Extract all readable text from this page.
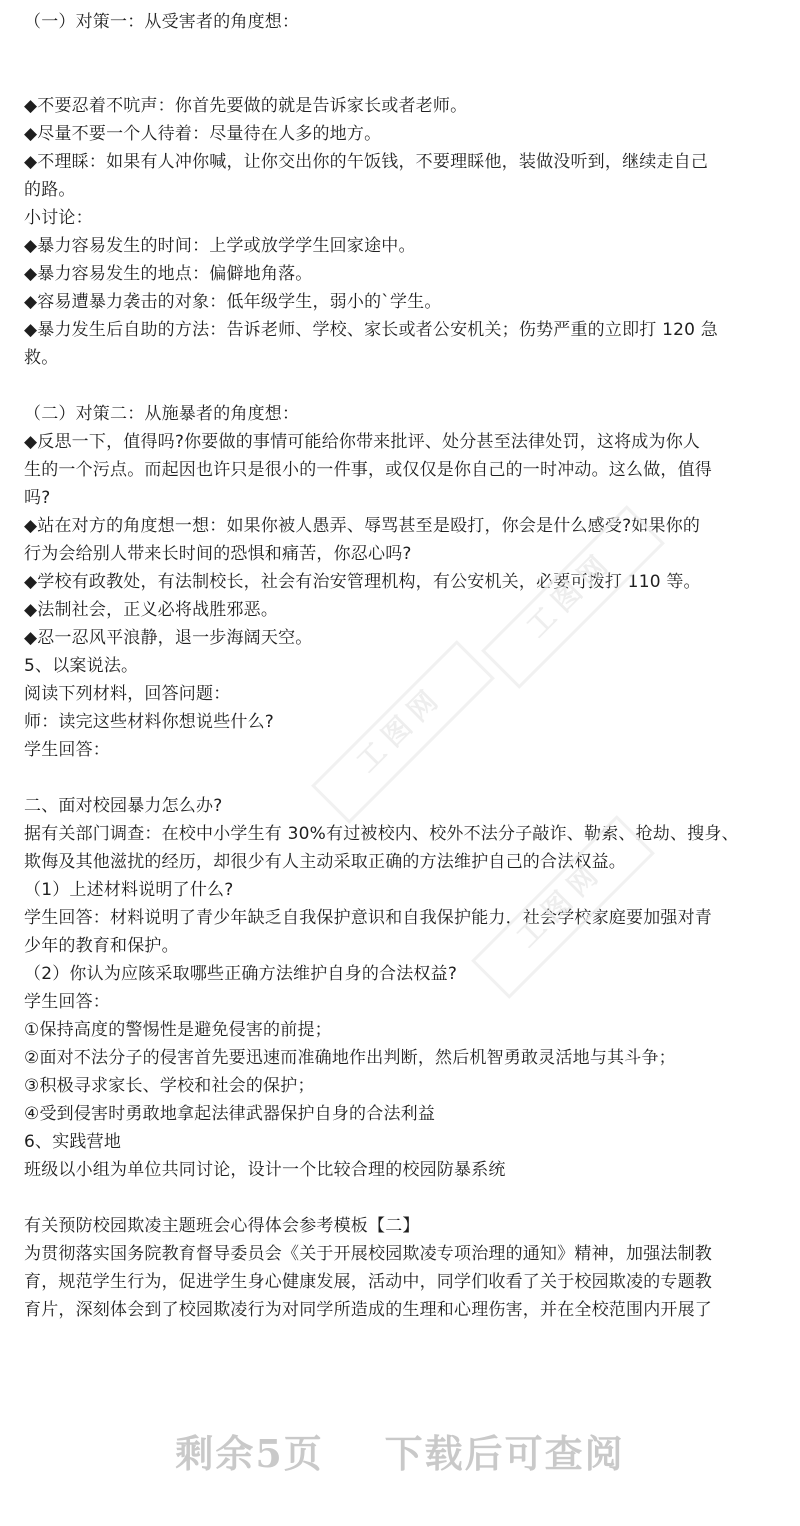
（一）对策一：从受害者的角度想：
◆不要忍着不吭声：你首先要做的就是告诉家长或者老师。
◆尽量不要一个人待着：尽量待在人多的地方。
◆不理睬：如果有人冲你喊，让你交出你的午饭钱，不要理睬他，装做没听到，继续走自己
的路。
小讨论：
◆暴力容易发生的时间：上学或放学学生回家途中。
◆暴力容易发生的地点：偏僻地角落。
◆容易遭暴力袭击的对象：低年级学生，弱小的`学生。
◆暴力发生后自助的方法：告诉老师、学校、家长或者公安机关；伤势严重的立即打 120 急
救。
（二）对策二：从施暴者的角度想：
◆反思一下，值得吗?你要做的事情可能给你带来批评、处分甚至法律处罚，这将成为你人
生的一个污点。而起因也许只是很小的一件事，或仅仅是你自己的一时冲动。这么做，值得
吗?
◆站在对方的角度想一想：如果你被人愚弄、辱骂甚至是殴打，你会是什么感受?如果你的
行为会给别人带来长时间的恐惧和痛苦，你忍心吗?
◆学校有政教处，有法制校长，社会有治安管理机构，有公安机关，必要可拨打 110 等。
◆法制社会，正义必将战胜邪恶。
◆忍一忍风平浪静，退一步海阔天空。
5、以案说法。
阅读下列材料，回答问题：
师：读完这些材料你想说些什么?
学生回答：
二、面对校园暴力怎么办?
据有关部门调查：在校中小学生有 30%有过被校内、校外不法分子敲诈、勒索、抢劫、搜身、
欺侮及其他滋扰的经历，却很少有人主动采取正确的方法维护自己的合法权益。
（1）上述材料说明了什么?
学生回答：材料说明了青少年缺乏自我保护意识和自我保护能力，社会学校家庭要加强对青
少年的教育和保护。
（2）你认为应陔采取哪些正确方法维护自身的合法权益?
学生回答：
①保持高度的警惕性是避免侵害的前提；
②面对不法分子的侵害首先要迅速而准确地作出判断，然后机智勇敢灵活地与其斗争；
③积极寻求家长、学校和社会的保护；
④受到侵害时勇敢地拿起法律武器保护自身的合法利益
6、实践营地
班级以小组为单位共同讨论，设计一个比较合理的校园防暴系统
有关预防校园欺凌主题班会心得体会参考模板【二】
为贯彻落实国务院教育督导委员会《关于开展校园欺凌专项治理的通知》精神，加强法制教
育，规范学生行为，促进学生身心健康发展，活动中，同学们收看了关于校园欺凌的专题教
育片，深刻体会到了校园欺凌行为对同学所造成的生理和心理伤害，并在全校范围内开展了
工图网
工图网
工图网
剩余5页    下载后可查阅
